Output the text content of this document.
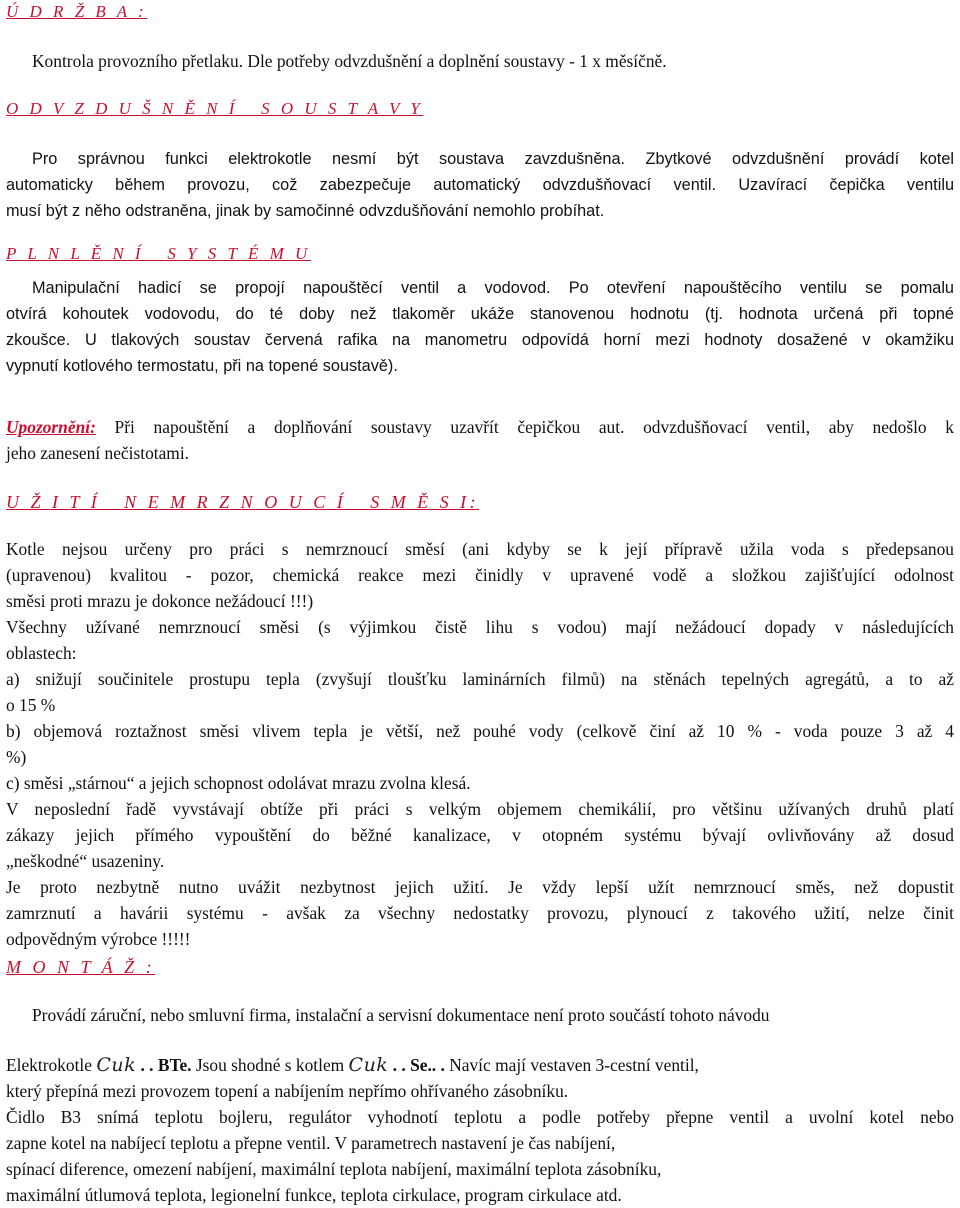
Ú D R Ž B A :
Kontrola provozního přetlaku. Dle potřeby odvzdušnění a doplnění soustavy - 1 x měsíčně.
O D V Z D U Š N Ě N Í   S O U S T A V Y
Pro správnou funkci elektrokotle nesmí být soustava zavzdušněna. Zbytkové odvzdušnění provádí kotel
automaticky během provozu, což zabezpečuje automatický odvzdušňovací ventil. Uzavírací čepička ventilu
musí být z něho odstraněna, jinak by samočinné odvzdušňování nemohlo probíhat.
P L N L Ě N Í   S Y S T É M U
Manipulační hadicí se propojí napouštěcí ventil a vodovod. Po otevření napouštěcího ventilu se pomalu
otvírá kohoutek vodovodu, do té doby než tlakoměr ukáže stanovenou hodnotu (tj. hodnota určená při topné
zkoušce. U tlakových soustav červená rafika na manometru odpovídá horní mezi hodnoty dosažené v okamžiku
vypnutí kotlového termostatu, při na topené soustavě).
Upozornění: Při napouštění a doplňování soustavy uzavřít čepičkou aut. odvzdušňovací ventil, aby nedošlo k
jeho zanesení nečistotami.
U Ž I T Í   N E M R Z N O U C Í   S M Ě S I:
Kotle nejsou určeny pro práci s nemrznoucí směsí (ani kdyby se k její přípravě užila voda s předepsanou
(upravenou) kvalitou - pozor, chemická reakce mezi činidly v upravené vodě a složkou zajišťující odolnost
směsi proti mrazu je dokonce nežádoucí !!!)
Všechny užívané nemrznoucí směsi (s výjimkou čistě lihu s vodou) mají nežádoucí dopady v následujících
oblastech:
a) snižují součinitele prostupu tepla (zvyšují tloušťku laminárních filmů) na stěnách tepelných agregátů, a to až
o 15 %
b) objemová roztažnost směsi vlivem tepla je větší, než pouhé vody (celkově činí až 10 % - voda pouze 3 až 4
%)
c) směsi „stárnou“ a jejich schopnost odolávat mrazu zvolna klesá.
V neposlední řadě vyvstávají obtíže při práci s velkým objemem chemikálií, pro většinu užívaných druhů platí
zákazy jejich přímého vypouštění do běžné kanalizace, v otopném systému bývají ovlivňovány až dosud
„neškodné“ usazeniny.
Je proto nezbytně nutno uvážit nezbytnost jejich užití. Je vždy lepší užít nemrznoucí směs, než dopustit
zamrznutí a havárii systému - avšak za všechny nedostatky provozu, plynoucí z takového užití, nelze činit
odpovědným výrobce !!!!!
M O N T Á Ž :
Provádí záruční, nebo smluvní firma, instalační a servisní dokumentace není proto součástí tohoto návodu
Elektrokotle Cuk . . BTe. Jsou shodné s kotlem Cuk . . Se.. . Navíc mají vestaven 3-cestní ventil,
který přepíná mezi provozem topení a nabíjením nepřímo ohřívaného zásobníku.
Čidlo B3 snímá teplotu bojleru, regulátor vyhodnotí teplotu a podle potřeby přepne ventil a uvolní kotel nebo
zapne kotel na nabíjecí teplotu a přepne ventil. V parametrech nastavení je čas nabíjení,
spínací diference, omezení nabíjení, maximální teplota nabíjení, maximální teplota zásobníku,
maximální útlumová teplota, legionelní funkce, teplota cirkulace, program cirkulace atd.
